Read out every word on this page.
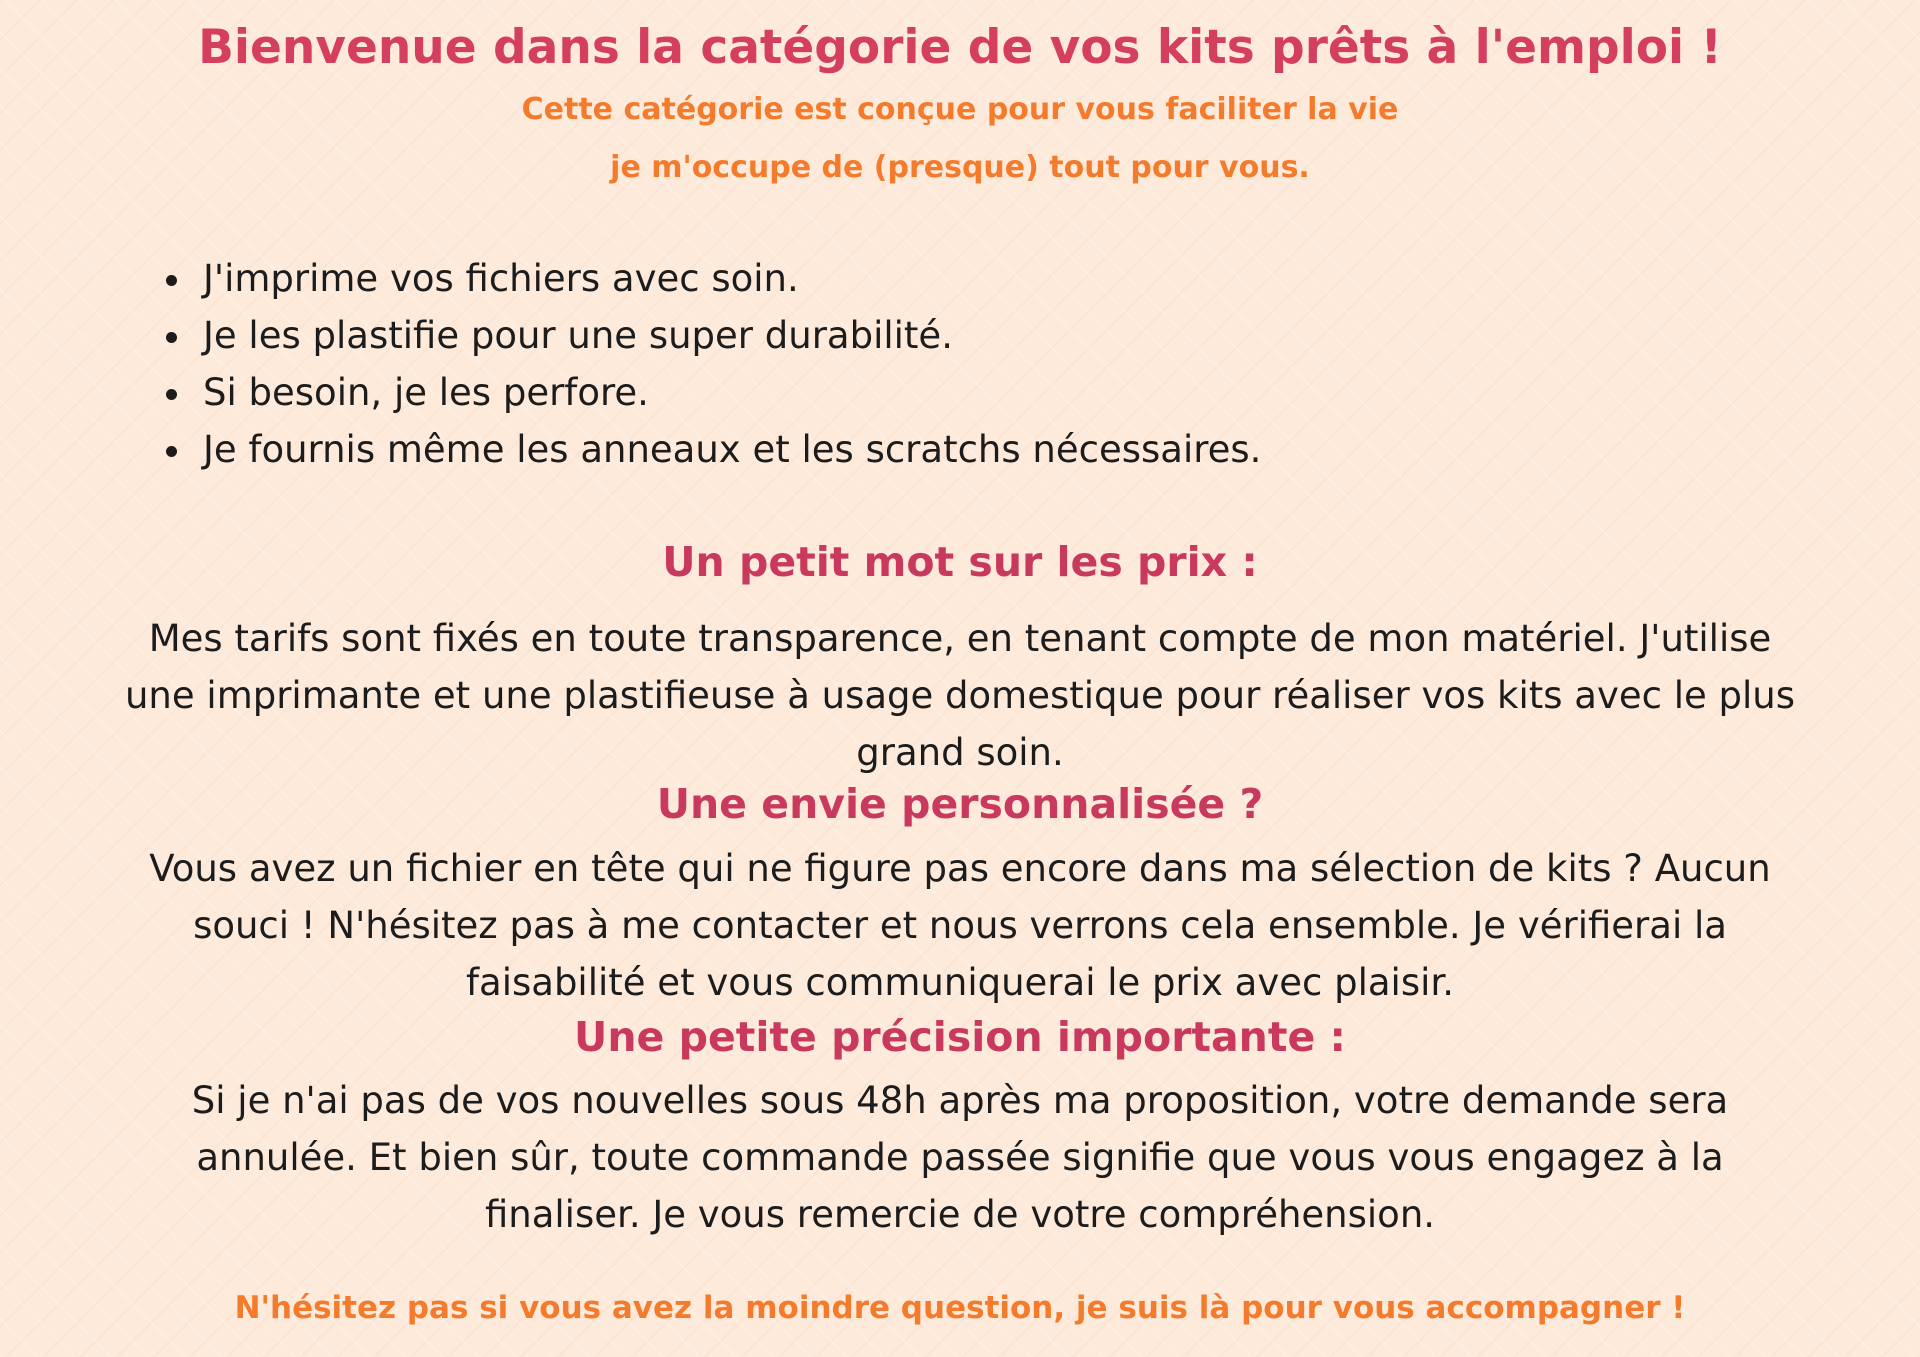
Bienvenue dans la catégorie de vos kits prêts à l'emploi !
Cette catégorie est conçue pour vous faciliter la vie
je m'occupe de (presque) tout pour vous.
• J'imprime vos fichiers avec soin.
• Je les plastifie pour une super durabilité.
• Si besoin, je les perfore.
• Je fournis même les anneaux et les scratchs nécessaires.
Un petit mot sur les prix :
Mes tarifs sont fixés en toute transparence, en tenant compte de mon matériel. J'utilise une imprimante et une plastifieuse à usage domestique pour réaliser vos kits avec le plus grand soin.
Une envie personnalisée ?
Vous avez un fichier en tête qui ne figure pas encore dans ma sélection de kits ? Aucun souci ! N'hésitez pas à me contacter et nous verrons cela ensemble. Je vérifierai la faisabilité et vous communiquerai le prix avec plaisir.
Une petite précision importante :
Si je n'ai pas de vos nouvelles sous 48h après ma proposition, votre demande sera annulée. Et bien sûr, toute commande passée signifie que vous vous engagez à la finaliser. Je vous remercie de votre compréhension.
N'hésitez pas si vous avez la moindre question, je suis là pour vous accompagner !
